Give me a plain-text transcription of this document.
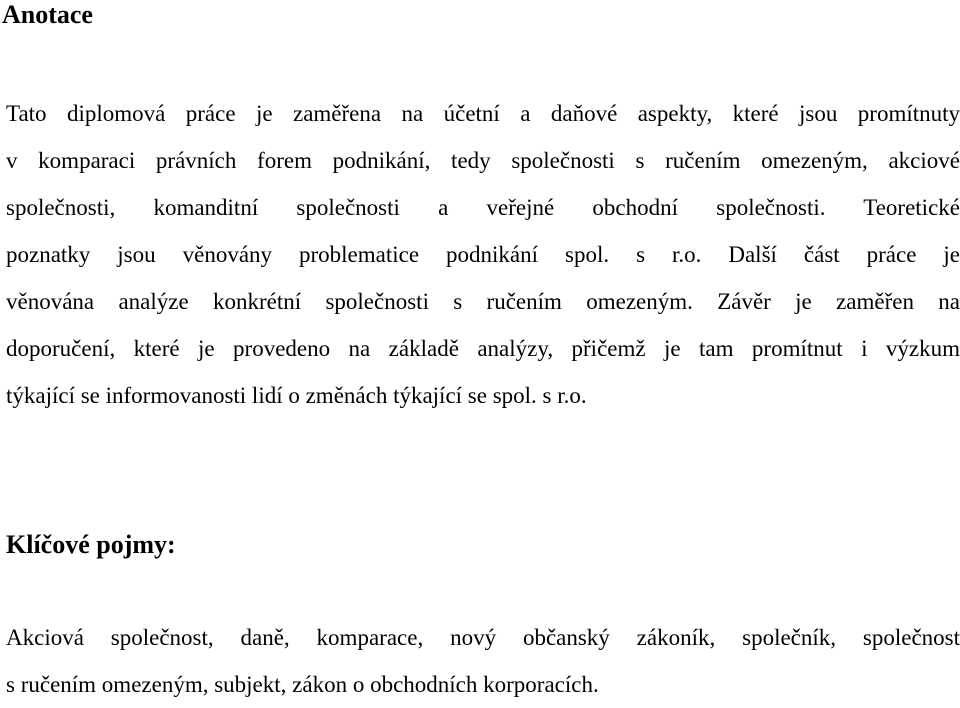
Anotace
Tato diplomová práce je zaměřena na účetní a daňové aspekty, které jsou promítnuty
v komparaci právních forem podnikání, tedy společnosti s ručením omezeným, akciové
společnosti, komanditní společnosti a veřejné obchodní společnosti. Teoretické
poznatky jsou věnovány problematice podnikání spol. s r.o. Další část práce je
věnována analýze konkrétní společnosti s ručením omezeným. Závěr je zaměřen na
doporučení, které je provedeno na základě analýzy, přičemž je tam promítnut i výzkum
týkající se informovanosti lidí o změnách týkající se spol. s r.o.
Klíčové pojmy:
Akciová společnost, daně, komparace, nový občanský zákoník, společník, společnost
s ručením omezeným, subjekt, zákon o obchodních korporacích.
